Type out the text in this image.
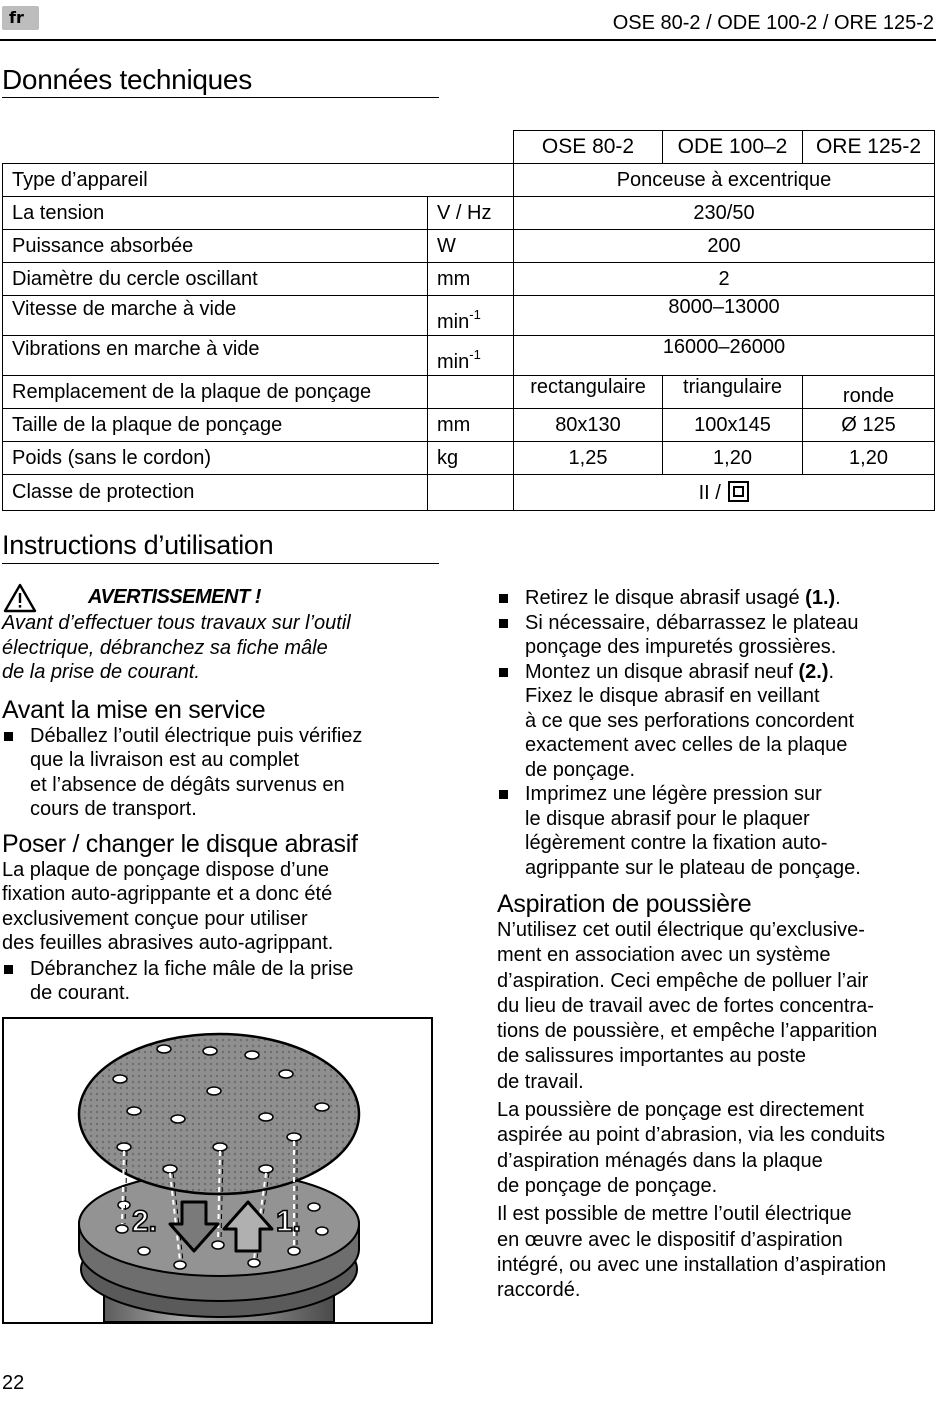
fr	OSE 80-2 / ODE 100-2 / ORE 125-2
Données techniques
		OSE 80-2	ODE 100–2	ORE 125-2
Type d’appareil		Ponceuse à excentrique		
La tension	V / Hz	230/50		
Puissance absorbée	W	200		
Diamètre du cercle oscillant	mm	2		
Vitesse de marche à vide	$\min^{-1}$	8000–13000		
Vibrations en marche à vide	$\min^{-1}$	16000–26000		
Remplacement de la plaque de ponçage		rectangulaire	triangulaire	ronde
Taille de la plaque de ponçage	mm	80x130	100x145	Ø 125
Poids (sans le cordon)	kg	1,25	1,20	1,20
Classe de protection		II /		
Instructions d’utilisation
AVERTISSEMENT !
Avant d’effectuer tous travaux sur l’outil
électrique, débranchez sa fiche mâle
de la prise de courant.
Avant la mise en service
Déballez l’outil électrique puis vérifiez
que la livraison est au complet
et l’absence de dégâts survenus en
cours de transport.
Poser / changer le disque abrasif
La plaque de ponçage dispose d’une
fixation auto-agrippante et a donc été
exclusivement conçue pour utiliser
des feuilles abrasives auto-agrippant.
Débranchez la fiche mâle de la prise
de courant.
2.	1.
Retirez le disque abrasif usagé (1.).
Si nécessaire, débarrassez le plateau
ponçage des impuretés grossières.
Montez un disque abrasif neuf (2.).
Fixez le disque abrasif en veillant
à ce que ses perforations concordent
exactement avec celles de la plaque
de ponçage.
Imprimez une légère pression sur
le disque abrasif pour le plaquer
légèrement contre la fixation auto-
agrippante sur le plateau de ponçage.
Aspiration de poussière
N’utilisez cet outil électrique qu’exclusive-
ment en association avec un système
d’aspiration. Ceci empêche de polluer l’air
du lieu de travail avec de fortes concentra-
tions de poussière, et empêche l’apparition
de salissures importantes au poste
de travail.
La poussière de ponçage est directement
aspirée au point d’abrasion, via les conduits
d’aspiration ménagés dans la plaque
de ponçage de ponçage.
Il est possible de mettre l’outil électrique
en œuvre avec le dispositif d’aspiration
intégré, ou avec une installation d’aspiration
raccordé.
22
